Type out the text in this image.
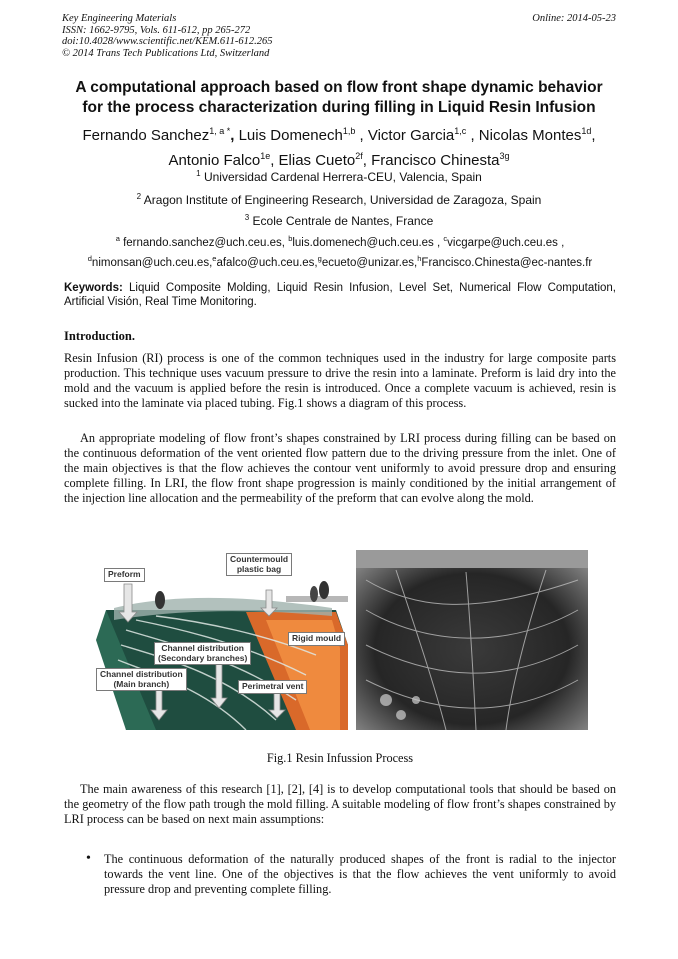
Key Engineering Materials
ISSN: 1662-9795, Vols. 611-612, pp 265-272
doi:10.4028/www.scientific.net/KEM.611-612.265
© 2014 Trans Tech Publications Ltd, Switzerland
Online: 2014-05-23
A computational approach based on flow front shape dynamic behavior
for the process characterization during filling in Liquid Resin Infusion
Fernando Sanchez$^{1, a *}$, Luis Domenech$^{1,b}$ , Victor Garcia$^{1,c}$ , Nicolas Montes$^{1d}$,
Antonio Falco$^{1e}$, Elias Cueto$^{2f}$, Francisco Chinesta$^{3g}$
$^1$ Universidad Cardenal Herrera-CEU, Valencia, Spain
$^2$ Aragon Institute of Engineering Research, Universidad de Zaragoza, Spain
$^3$ Ecole Centrale de Nantes, France
$^a$ fernando.sanchez@uch.ceu.es, $^b$luis.domenech@uch.ceu.es , $^c$vicgarpe@uch.ceu.es ,
$^d$nimonsan@uch.ceu.es,$^e$afalco@uch.ceu.es,$^g$ecueto@unizar.es,$^h$Francisco.Chinesta@ec-nantes.fr
Keywords: Liquid Composite Molding, Liquid Resin Infusion, Level Set, Numerical Flow Computation, Artificial Visión, Real Time Monitoring.
Introduction.
Resin Infusion (RI) process is one of the common techniques used in the industry for large composite parts production. This technique uses vacuum pressure to drive the resin into a laminate. Preform is laid dry into the mold and the vacuum is applied before the resin is introduced. Once a complete vacuum is achieved, resin is sucked into the laminate via placed tubing. Fig.1 shows a diagram of this process.
An appropriate modeling of flow front’s shapes constrained by LRI process during filling can be based on the continuous deformation of the vent oriented flow pattern due to the driving pressure from the inlet. One of the main objectives is that the flow achieves the contour vent uniformly to avoid pressure drop and ensuring complete filling. In LRI, the flow front shape progression is mainly conditioned by the initial arrangement of the injection line allocation and the permeability of the preform that can evolve along the mold.
Preform
Countermould
plastic bag
Rigid mould
Channel distribution
(Secondary branches)
Channel distribution
(Main branch)	Perimetral vent
Fig.1 Resin Infussion Process
The main awareness of this research [1], [2], [4] is to develop computational tools that should be based on the geometry of the flow path trough the mold filling. A suitable modeling of flow front’s shapes constrained by LRI process can be based on next main assumptions:
• The continuous deformation of the naturally produced shapes of the front is radial to the injector towards the vent line. One of the objectives is that the flow achieves the vent uniformly to avoid pressure drop and preventing complete filling.
